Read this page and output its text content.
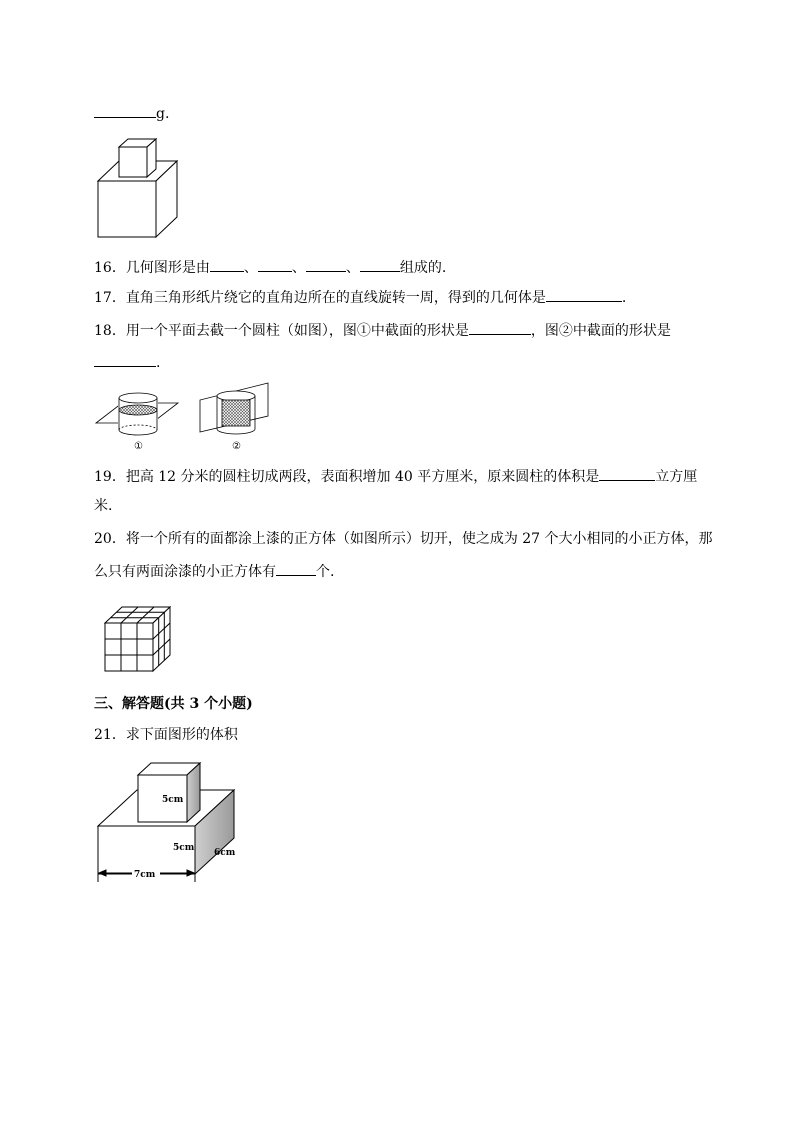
g.
16．几何图形是由 、 、	、	组成的.
17．直角三角形纸片绕它的直角边所在的直线旋转一周，得到的几何体是	.
18．用一个平面去截一个圆柱（如图），图①中截面的形状是	，图②中截面的形状是
.
①	②
19．把高 12 分米的圆柱切成两段，表面积增加 40 平方厘米，原来圆柱的体积是	立方厘
米.
20．将一个所有的面都涂上漆的正方体（如图所示）切开，使之成为 27 个大小相同的小正方体，那
么只有两面涂漆的小正方体有	个.
三、解答题(共 3 个小题)
21．求下面图形的体积
7cm
5cm
5cm 6cm
